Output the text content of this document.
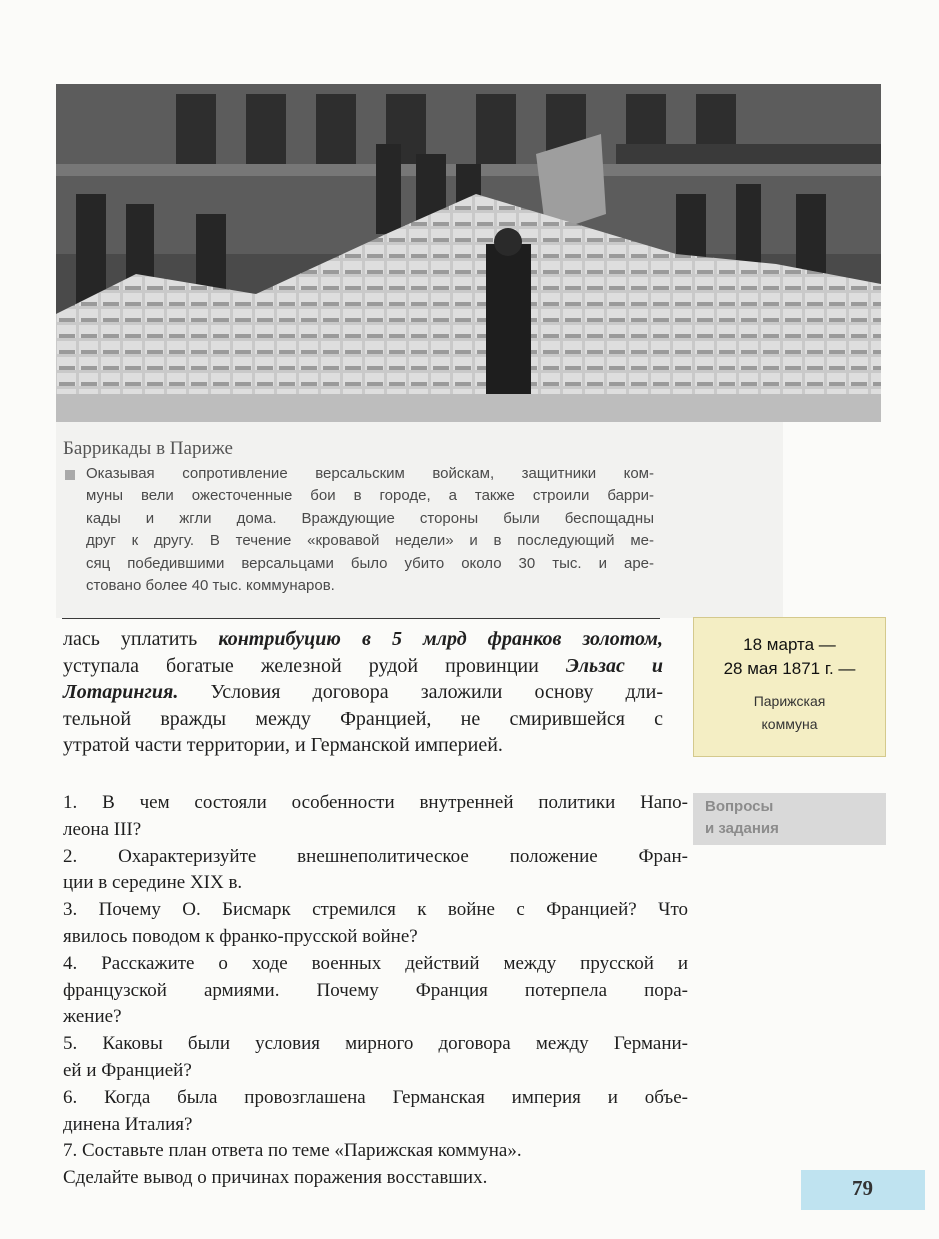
Баррикады в Париже
Оказывая сопротивление версальским войскам, защитники ком-
муны вели ожесточенные бои в городе, а также строили барри-
кады и жгли дома. Враждующие стороны были беспощадны
друг к другу. В течение «кровавой недели» и в последующий ме-
сяц победившими версальцами было убито около 30 тыс. и аре-
стовано более 40 тыс. коммунаров.
лась уплатить контрибуцию в 5 млрд франков золотом,
уступала богатые железной рудой провинции Эльзас и
Лотарингия. Условия договора заложили основу дли-
тельной вражды между Францией, не смирившейся с
утратой части территории, и Германской империей.
18 марта —
28 мая 1871 г. —
Парижская
коммуна
Вопросы
и задания
1. В чем состояли особенности внутренней политики Напо-
леона III?
2. Охарактеризуйте внешнеполитическое положение Фран-
ции в середине XIX в.
3. Почему О. Бисмарк стремился к войне с Францией? Что
явилось поводом к франко-прусской войне?
4. Расскажите о ходе военных действий между прусской и
французской армиями. Почему Франция потерпела пора-
жение?
5. Каковы были условия мирного договора между Германи-
ей и Францией?
6. Когда была провозглашена Германская империя и объе-
динена Италия?
7. Составьте план ответа по теме «Парижская коммуна».
Сделайте вывод о причинах поражения восставших.	79
